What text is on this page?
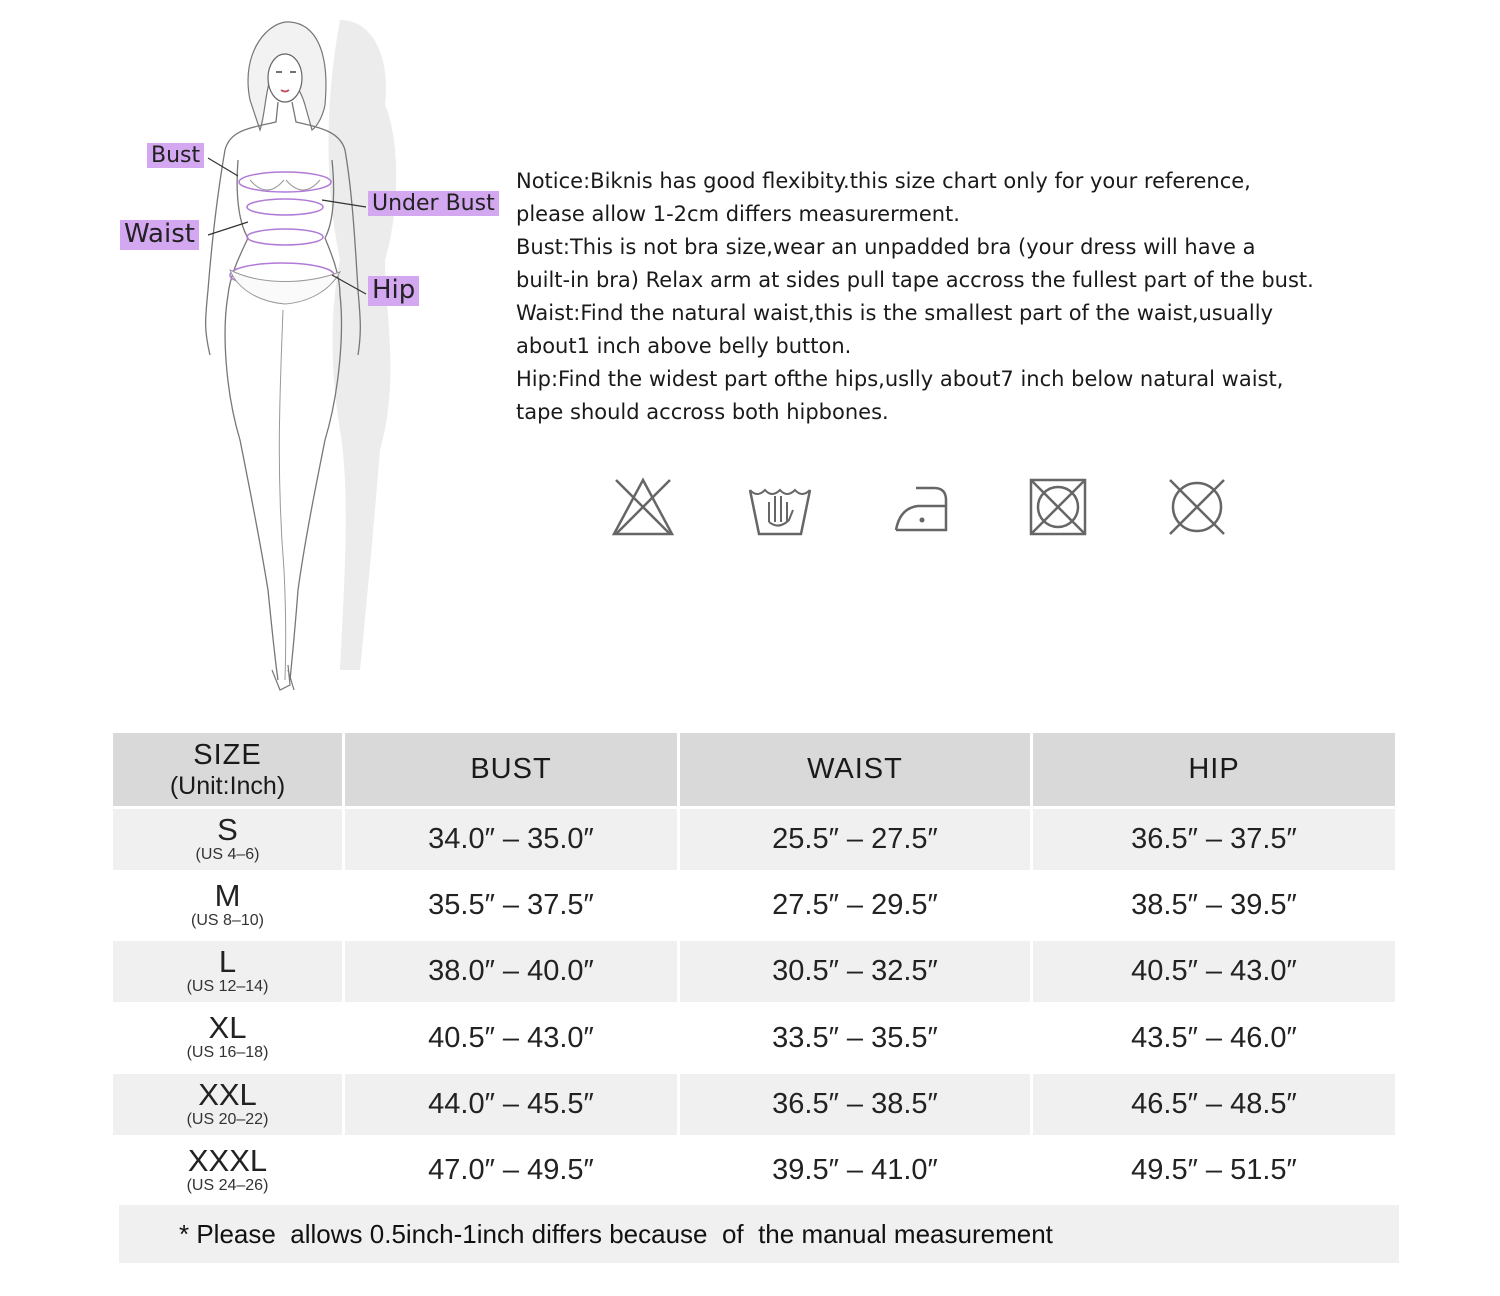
Bust
Waist
Under Bust
Hip
Notice:Biknis has good flexibity.this size chart only for your reference,
please allow 1-2cm differs measurerment.
Bust:This is not bra size,wear an unpadded bra (your dress will have a
built-in bra) Relax arm at sides pull tape accross the fullest part of the bust.
Waist:Find the natural waist,this is the smallest part of the waist,usually
about1 inch above belly button.
Hip:Find the widest part ofthe hips,uslly about7 inch below natural waist,
tape should accross both hipbones.
SIZE
(Unit:Inch)	BUST	WAIST	HIP

S
(US 4–6)	34.0″ – 35.0″	25.5″ – 27.5″	36.5″ – 37.5″

M
(US 8–10)	35.5″ – 37.5″	27.5″ – 29.5″	38.5″ – 39.5″

L
(US 12–14)	38.0″ – 40.0″	30.5″ – 32.5″	40.5″ – 43.0″

XL
(US 16–18)	40.5″ – 43.0″	33.5″ – 35.5″	43.5″ – 46.0″

XXL
(US 20–22)	44.0″ – 45.5″	36.5″ – 38.5″	46.5″ – 48.5″

XXXL
(US 24–26)	47.0″ – 49.5″	39.5″ – 41.0″	49.5″ – 51.5″
* Please  allows 0.5inch-1inch differs because  of  the manual measurement
